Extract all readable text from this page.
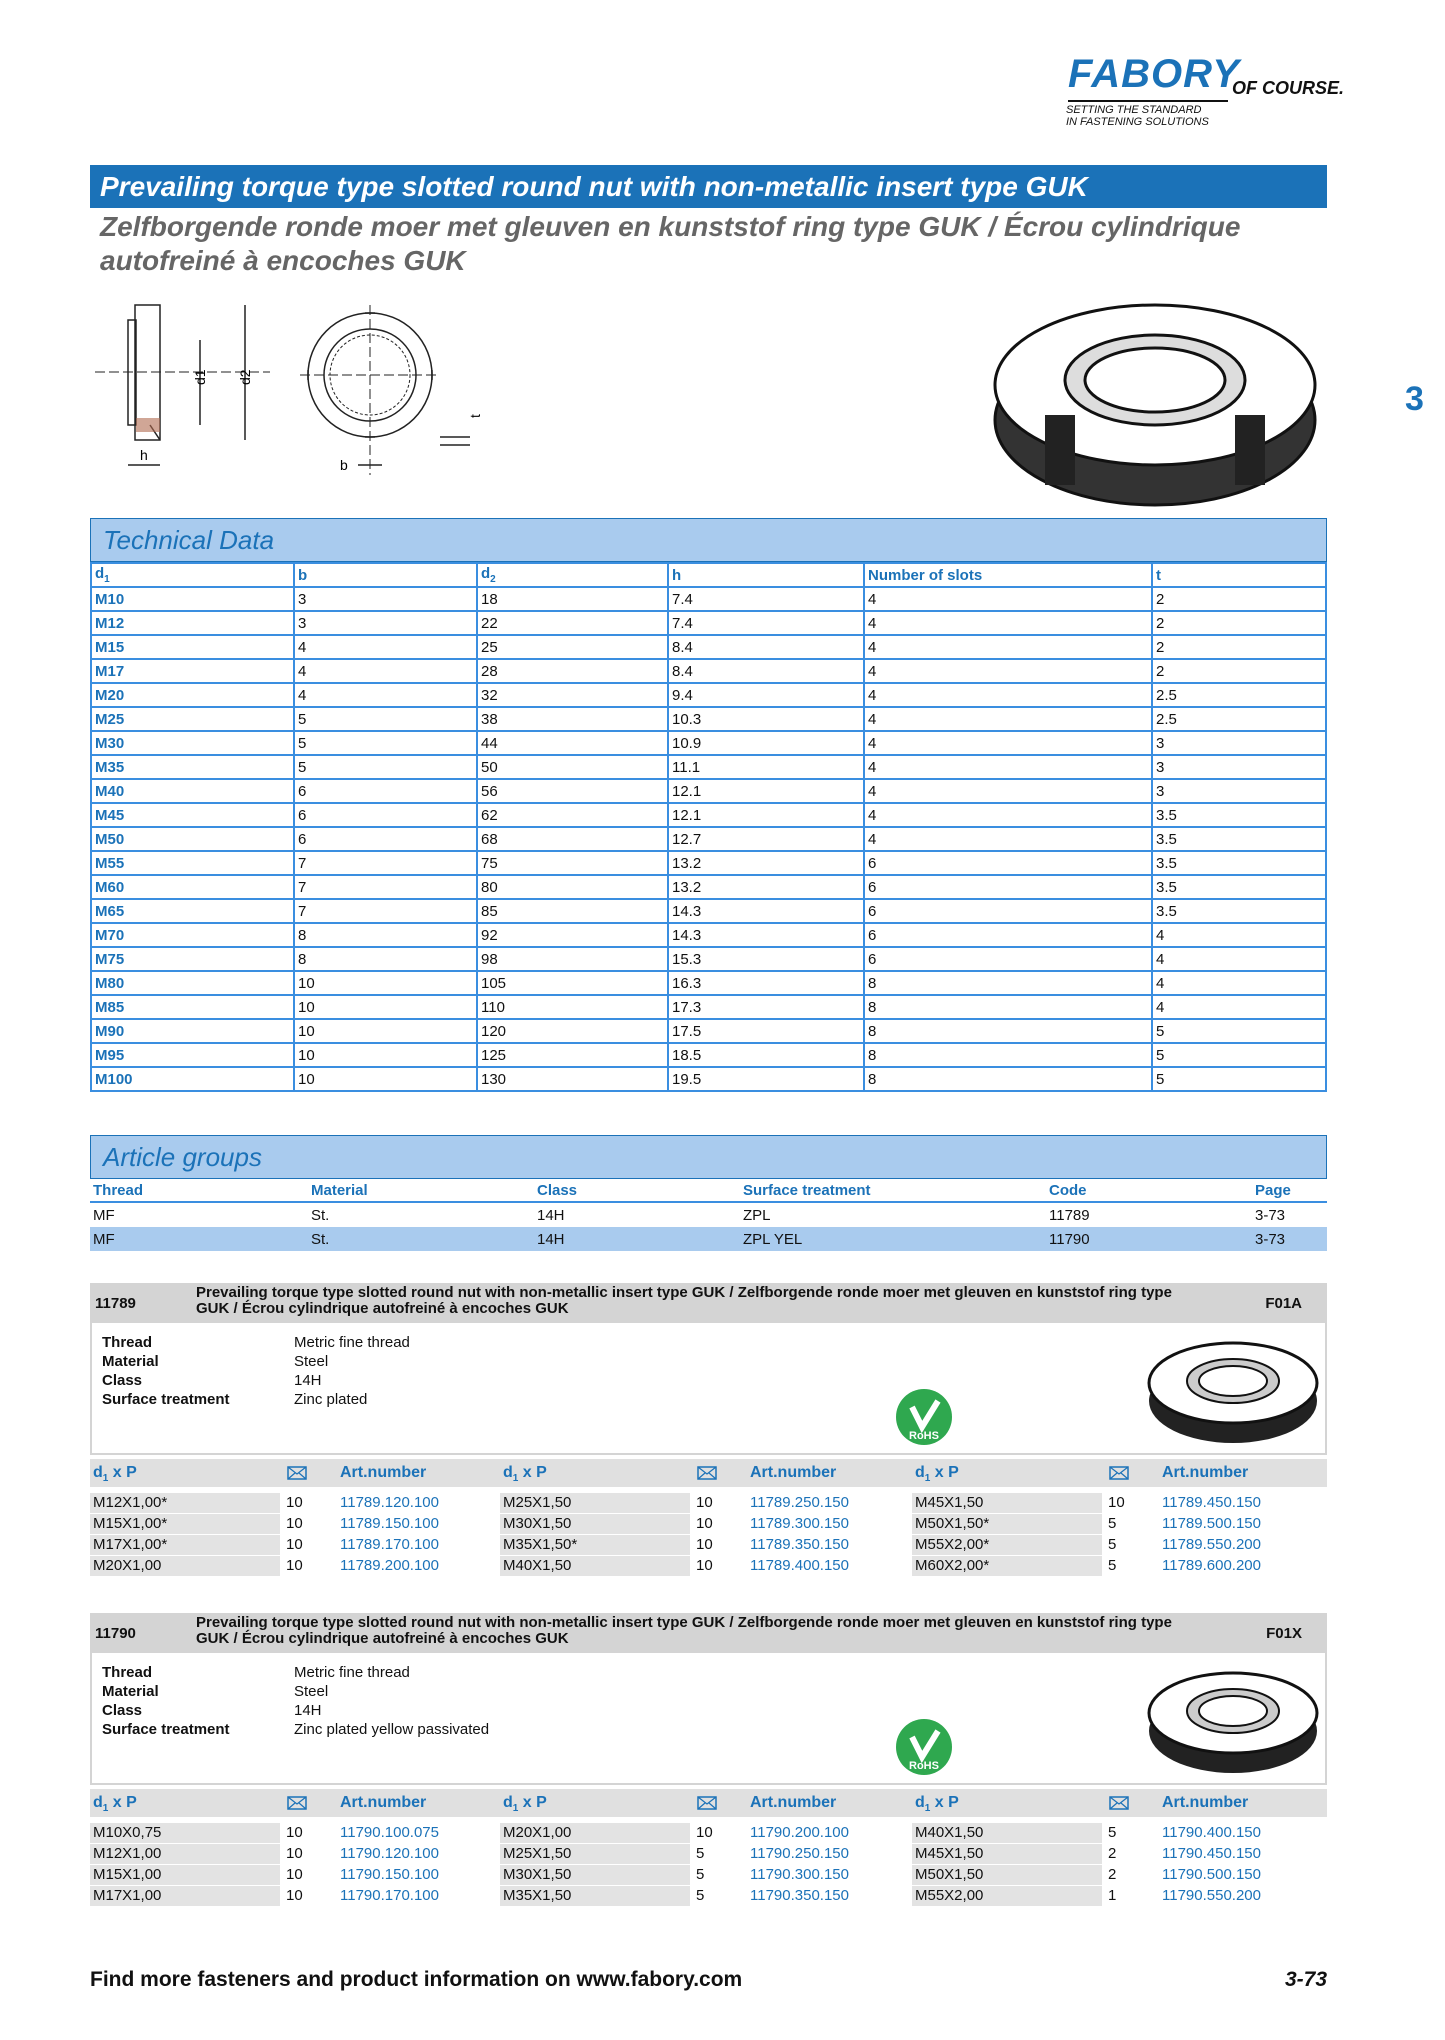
FABORY
OF COURSE.
SETTING THE STANDARD
IN FASTENING SOLUTIONS
3
Prevailing torque type slotted round nut with non-metallic insert type GUK
Zelfborgende ronde moer met gleuven en kunststof ring type GUK / Écrou cylindrique autofreiné à encoches GUK
d1 d2
h
b
t
Technical Data
$d_1$	b	$d_2$	h	Number of slots	t
M10	3	18	7.4	4	2
M12	3	22	7.4	4	2
M15	4	25	8.4	4	2
M17	4	28	8.4	4	2
M20	4	32	9.4	4	2.5
M25	5	38	10.3	4	2.5
M30	5	44	10.9	4	3
M35	5	50	11.1	4	3
M40	6	56	12.1	4	3
M45	6	62	12.1	4	3.5
M50	6	68	12.7	4	3.5
M55	7	75	13.2	6	3.5
M60	7	80	13.2	6	3.5
M65	7	85	14.3	6	3.5
M70	8	92	14.3	6	4
M75	8	98	15.3	6	4
M80	10	105	16.3	8	4
M85	10	110	17.3	8	4
M90	10	120	17.5	8	5
M95	10	125	18.5	8	5
M100	10	130	19.5	8	5
Article groups
Thread	Material	Class	Surface treatment	Code	Page
MF	St.	14H	ZPL	11789	3-73
MF	St.	14H	ZPL YEL	11790	3-73
11789
Prevailing torque type slotted round nut with non-metallic insert type GUK / Zelfborgende ronde moer met gleuven en kunststof ring type GUK / Écrou cylindrique autofreiné à encoches GUK	F01A
Thread	Metric fine thread
Material	Steel
Class	14H
Surface treatment	Zinc plated
RoHS
$d_1$ x P	Art.number	$d_1$ x P	Art.number	$d_1$ x P	Art.number
M12X1,00*	10 11789.120.100
M15X1,00*	10 11789.150.100
M17X1,00*	10 11789.170.100
M20X1,00	10 11789.200.100
M25X1,50	10 11789.250.150
M30X1,50	10 11789.300.150
M35X1,50*	10 11789.350.150
M40X1,50	10 11789.400.150
M45X1,50	10 11789.450.150
M50X1,50*	5	11789.500.150
M55X2,00*	5	11789.550.200
M60X2,00*	5	11789.600.200
11790
Prevailing torque type slotted round nut with non-metallic insert type GUK / Zelfborgende ronde moer met gleuven en kunststof ring type GUK / Écrou cylindrique autofreiné à encoches GUK	F01X
Thread	Metric fine thread
Material	Steel
Class	14H
Surface treatment	Zinc plated yellow passivated
RoHS
$d_1$ x P	Art.number	$d_1$ x P	Art.number	$d_1$ x P	Art.number
M10X0,75	10 11790.100.075
M12X1,00	10 11790.120.100
M15X1,00	10 11790.150.100
M17X1,00	10 11790.170.100
M20X1,00	10 11790.200.100
M25X1,50	5	11790.250.150
M30X1,50	5	11790.300.150
M35X1,50	5	11790.350.150
M40X1,50	5	11790.400.150
M45X1,50	2	11790.450.150
M50X1,50	2	11790.500.150
M55X2,00	1	11790.550.200
Find more fasteners and product information on www.fabory.com	3-73
